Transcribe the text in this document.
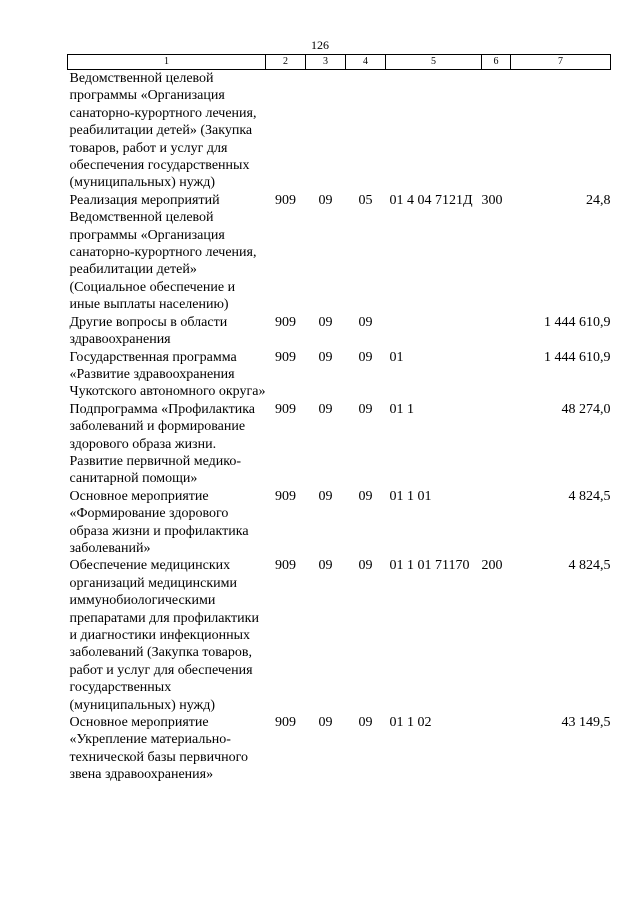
126
1	2	3	4	5	6	7
Ведомственной целевой программы «Организация санаторно-курортного лечения, реабилитации детей» (Закупка товаров, работ и услуг для обеспечения государственных (муниципальных) нужд)						
Реализация мероприятий Ведомственной целевой программы «Организация санаторно-курортного лечения, реабилитации детей» (Социальное обеспечение и иные выплаты населению)	909	09	05	01 4 04 7121Д	300	24,8
Другие вопросы в области здравоохранения	909	09	09			1 444 610,9
Государственная программа «Развитие здравоохранения Чукотского автономного округа»	909	09	09	01		1 444 610,9
Подпрограмма «Профилактика заболеваний и формирование здорового образа жизни. Развитие первичной медико-санитарной помощи»	909	09	09	01 1		48 274,0
Основное мероприятие «Формирование здорового образа жизни и профилактика заболеваний»	909	09	09	01 1 01		4 824,5
Обеспечение медицинских организаций медицинскими иммунобиологическими препаратами для профилактики и диагностики инфекционных заболеваний (Закупка товаров, работ и услуг для обеспечения государственных (муниципальных) нужд)	909	09	09	01 1 01 71170	200	4 824,5
Основное мероприятие «Укрепление материально-технической базы первичного звена здравоохранения»	909	09	09	01 1 02		43 149,5
